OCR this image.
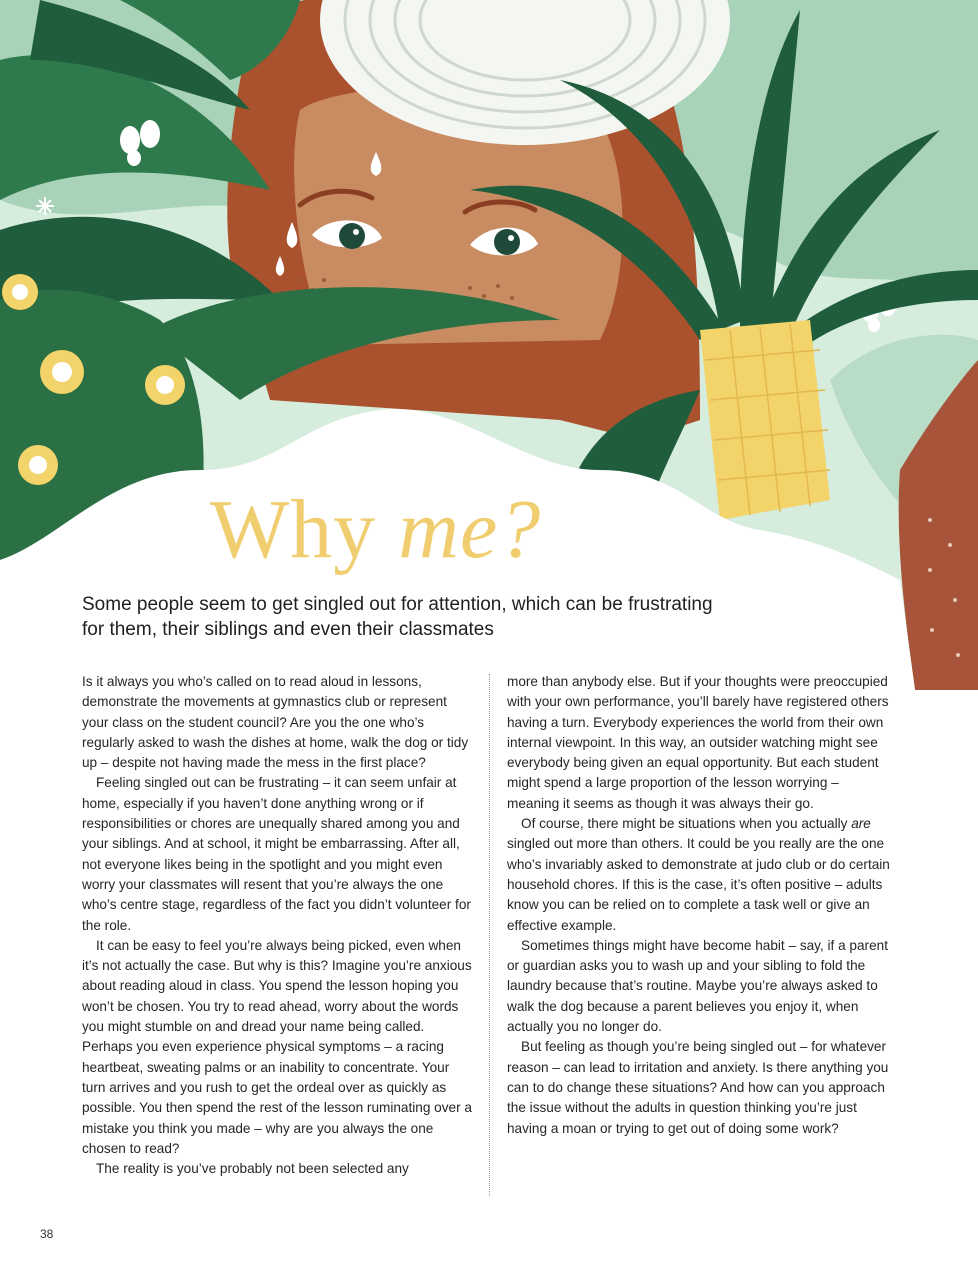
Why me?

Some people seem to get singled out for attention, which can be frustrating for them, their siblings and even their classmates

Is it always you who’s called on to read aloud in lessons, demonstrate the movements at gymnastics club or represent your class on the student council? Are you the one who’s regularly asked to wash the dishes at home, walk the dog or tidy up – despite not having made the mess in the first place?

Feeling singled out can be frustrating – it can seem unfair at home, especially if you haven’t done anything wrong or if responsibilities or chores are unequally shared among you and your siblings. And at school, it might be embarrassing. After all, not everyone likes being in the spotlight and you might even worry your classmates will resent that you’re always the one who’s centre stage, regardless of the fact you didn’t volunteer for the role.

It can be easy to feel you’re always being picked, even when it’s not actually the case. But why is this? Imagine you’re anxious about reading aloud in class. You spend the lesson hoping you won’t be chosen. You try to read ahead, worry about the words you might stumble on and dread your name being called. Perhaps you even experience physical symptoms – a racing heartbeat, sweating palms or an inability to concentrate. Your turn arrives and you rush to get the ordeal over as quickly as possible. You then spend the rest of the lesson ruminating over a mistake you think you made – why are you always the one chosen to read?

The reality is you’ve probably not been selected any

more than anybody else. But if your thoughts were preoccupied with your own performance, you’ll barely have registered others having a turn. Everybody experiences the world from their own internal viewpoint. In this way, an outsider watching might see everybody being given an equal opportunity. But each student might spend a large proportion of the lesson worrying – meaning it seems as though it was always their go.

Of course, there might be situations when you actually are singled out more than others. It could be you really are the one who’s invariably asked to demonstrate at judo club or do certain household chores. If this is the case, it’s often positive – adults know you can be relied on to complete a task well or give an effective example.

Sometimes things might have become habit – say, if a parent or guardian asks you to wash up and your sibling to fold the laundry because that’s routine. Maybe you’re always asked to walk the dog because a parent believes you enjoy it, when actually you no longer do.

But feeling as though you’re being singled out – for whatever reason – can lead to irritation and anxiety. Is there anything you can to do change these situations? And how can you approach the issue without the adults in question thinking you’re just having a moan or trying to get out of doing some work?

38
